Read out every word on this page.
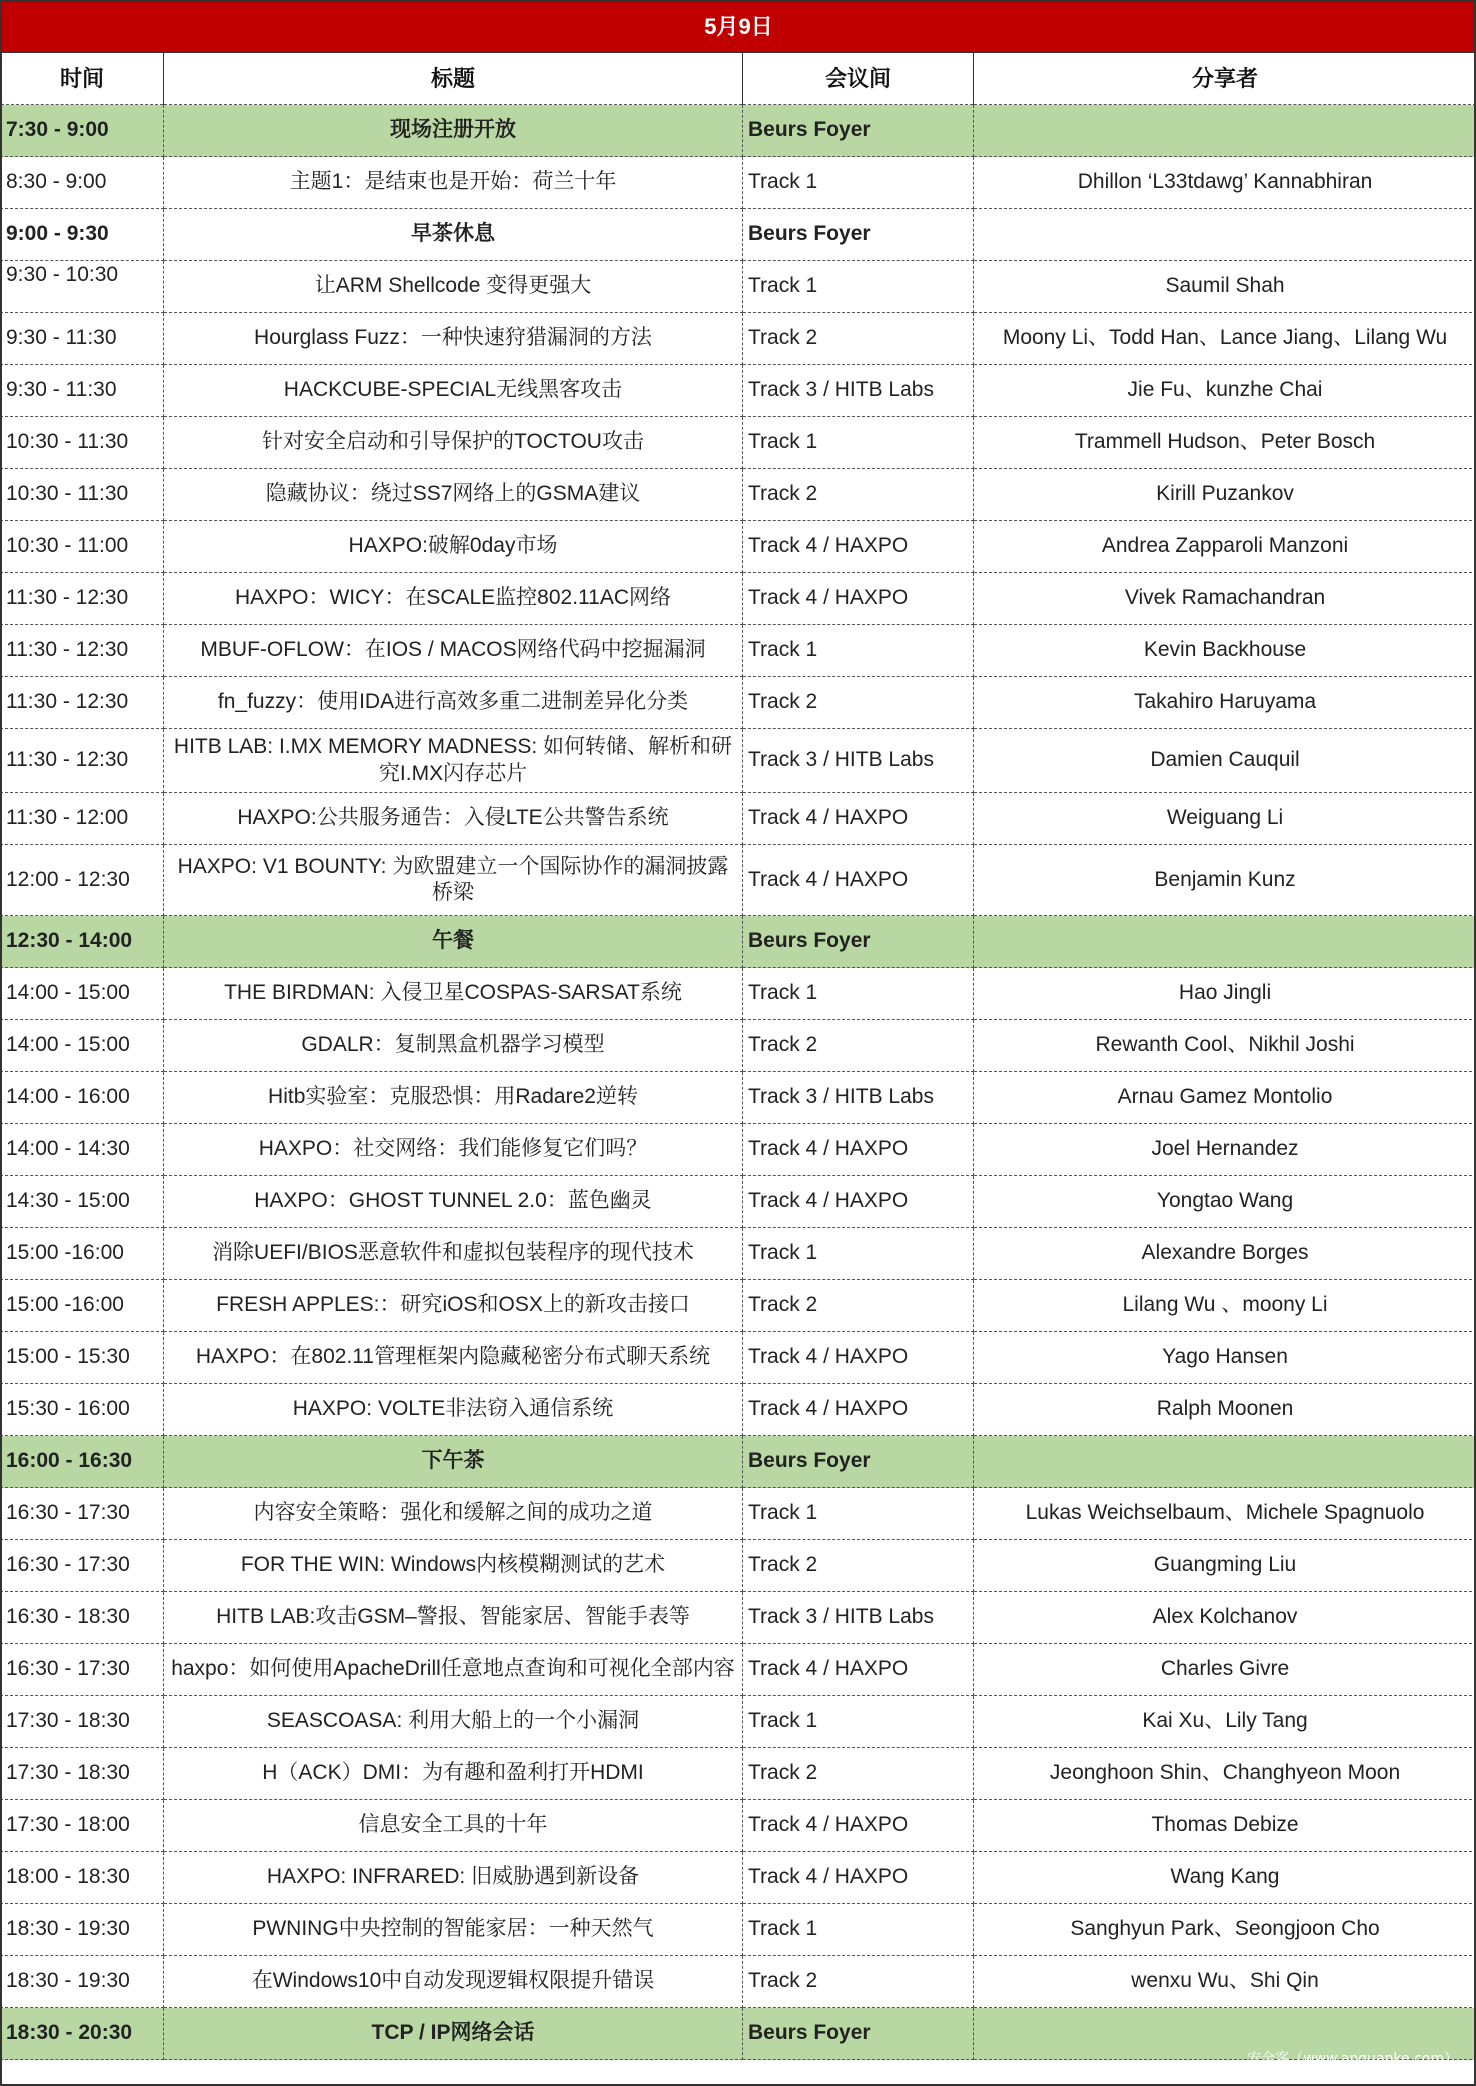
5月9日			
时间	标题	会议间	分享者
7:30 - 9:00	现场注册开放	Beurs Foyer	
8:30 - 9:00	主题1：是结束也是开始：荷兰十年	Track 1	Dhillon ‘L33tdawg’ Kannabhiran
9:00 - 9:30	早茶休息	Beurs Foyer	
9:30 - 10:30	让ARM Shellcode 变得更强大	Track 1	Saumil Shah
9:30 - 11:30	Hourglass Fuzz：一种快速狩猎漏洞的方法	Track 2	Moony Li、Todd Han、Lance Jiang、Lilang Wu
9:30 - 11:30	HACKCUBE-SPECIAL无线黑客攻击	Track 3 / HITB Labs	Jie Fu、kunzhe Chai
10:30 - 11:30	针对安全启动和引导保护的TOCTOU攻击	Track 1	Trammell Hudson、Peter Bosch
10:30 - 11:30	隐藏协议：绕过SS7网络上的GSMA建议	Track 2	Kirill Puzankov
10:30 - 11:00	HAXPO:破解0day市场	Track 4 / HAXPO	Andrea Zapparoli Manzoni
11:30 - 12:30	HAXPO：WICY：在SCALE监控802.11AC网络	Track 4 / HAXPO	Vivek Ramachandran
11:30 - 12:30	MBUF-OFLOW：在IOS / MACOS网络代码中挖掘漏洞	Track 1	Kevin Backhouse
11:30 - 12:30	fn_fuzzy：使用IDA进行高效多重二进制差异化分类	Track 2	Takahiro Haruyama
11:30 - 12:30	HITB LAB: I.MX MEMORY MADNESS: 如何转储、解析和研究I.MX闪存芯片	Track 3 / HITB Labs	Damien Cauquil
11:30 - 12:00	HAXPO:公共服务通告：入侵LTE公共警告系统	Track 4 / HAXPO	Weiguang Li
12:00 - 12:30	HAXPO: V1 BOUNTY: 为欧盟建立一个国际协作的漏洞披露桥梁	Track 4 / HAXPO	Benjamin Kunz
12:30 - 14:00	午餐	Beurs Foyer	
14:00 - 15:00	THE BIRDMAN: 入侵卫星COSPAS-SARSAT系统	Track 1	Hao Jingli
14:00 - 15:00	GDALR：复制黑盒机器学习模型	Track 2	Rewanth Cool、Nikhil Joshi
14:00 - 16:00	Hitb实验室：克服恐惧：用Radare2逆转	Track 3 / HITB Labs	Arnau Gamez Montolio
14:00 - 14:30	HAXPO：社交网络：我们能修复它们吗？	Track 4 / HAXPO	Joel Hernandez
14:30 - 15:00	HAXPO：GHOST TUNNEL 2.0：蓝色幽灵	Track 4 / HAXPO	Yongtao Wang
15:00 -16:00	消除UEFI/BIOS恶意软件和虚拟包装程序的现代技术	Track 1	Alexandre Borges
15:00 -16:00	FRESH APPLES:：研究iOS和OSX上的新攻击接口	Track 2	Lilang Wu 、moony Li
15:00 - 15:30	HAXPO：在802.11管理框架内隐藏秘密分布式聊天系统	Track 4 / HAXPO	Yago Hansen
15:30 - 16:00	HAXPO: VOLTE非法窃入通信系统	Track 4 / HAXPO	Ralph Moonen
16:00 - 16:30	下午茶	Beurs Foyer	
16:30 - 17:30	内容安全策略：强化和缓解之间的成功之道	Track 1	Lukas Weichselbaum、Michele Spagnuolo
16:30 - 17:30	FOR THE WIN: Windows内核模糊测试的艺术	Track 2	Guangming Liu
16:30 - 18:30	HITB LAB:攻击GSM–警报、智能家居、智能手表等	Track 3 / HITB Labs	Alex Kolchanov
16:30 - 17:30	haxpo：如何使用ApacheDrill任意地点查询和可视化全部内容	Track 4 / HAXPO	Charles Givre
17:30 - 18:30	SEASCOASA: 利用大船上的一个小漏洞	Track 1	Kai Xu、Lily Tang
17:30 - 18:30	H（ACK）DMI：为有趣和盈利打开HDMI	Track 2	Jeonghoon Shin、Changhyeon Moon
17:30 - 18:00	信息安全工具的十年	Track 4 / HAXPO	Thomas Debize
18:00 - 18:30	HAXPO: INFRARED: 旧威胁遇到新设备	Track 4 / HAXPO	Wang Kang
18:30 - 19:30	PWNING中央控制的智能家居：一种天然气	Track 1	Sanghyun Park、Seongjoon Cho
18:30 - 19:30	在Windows10中自动发现逻辑权限提升错误	Track 2	wenxu Wu、Shi Qin
18:30 - 20:30	TCP / IP网络会话	Beurs Foyer	
安全客（www.anquanke.com）
